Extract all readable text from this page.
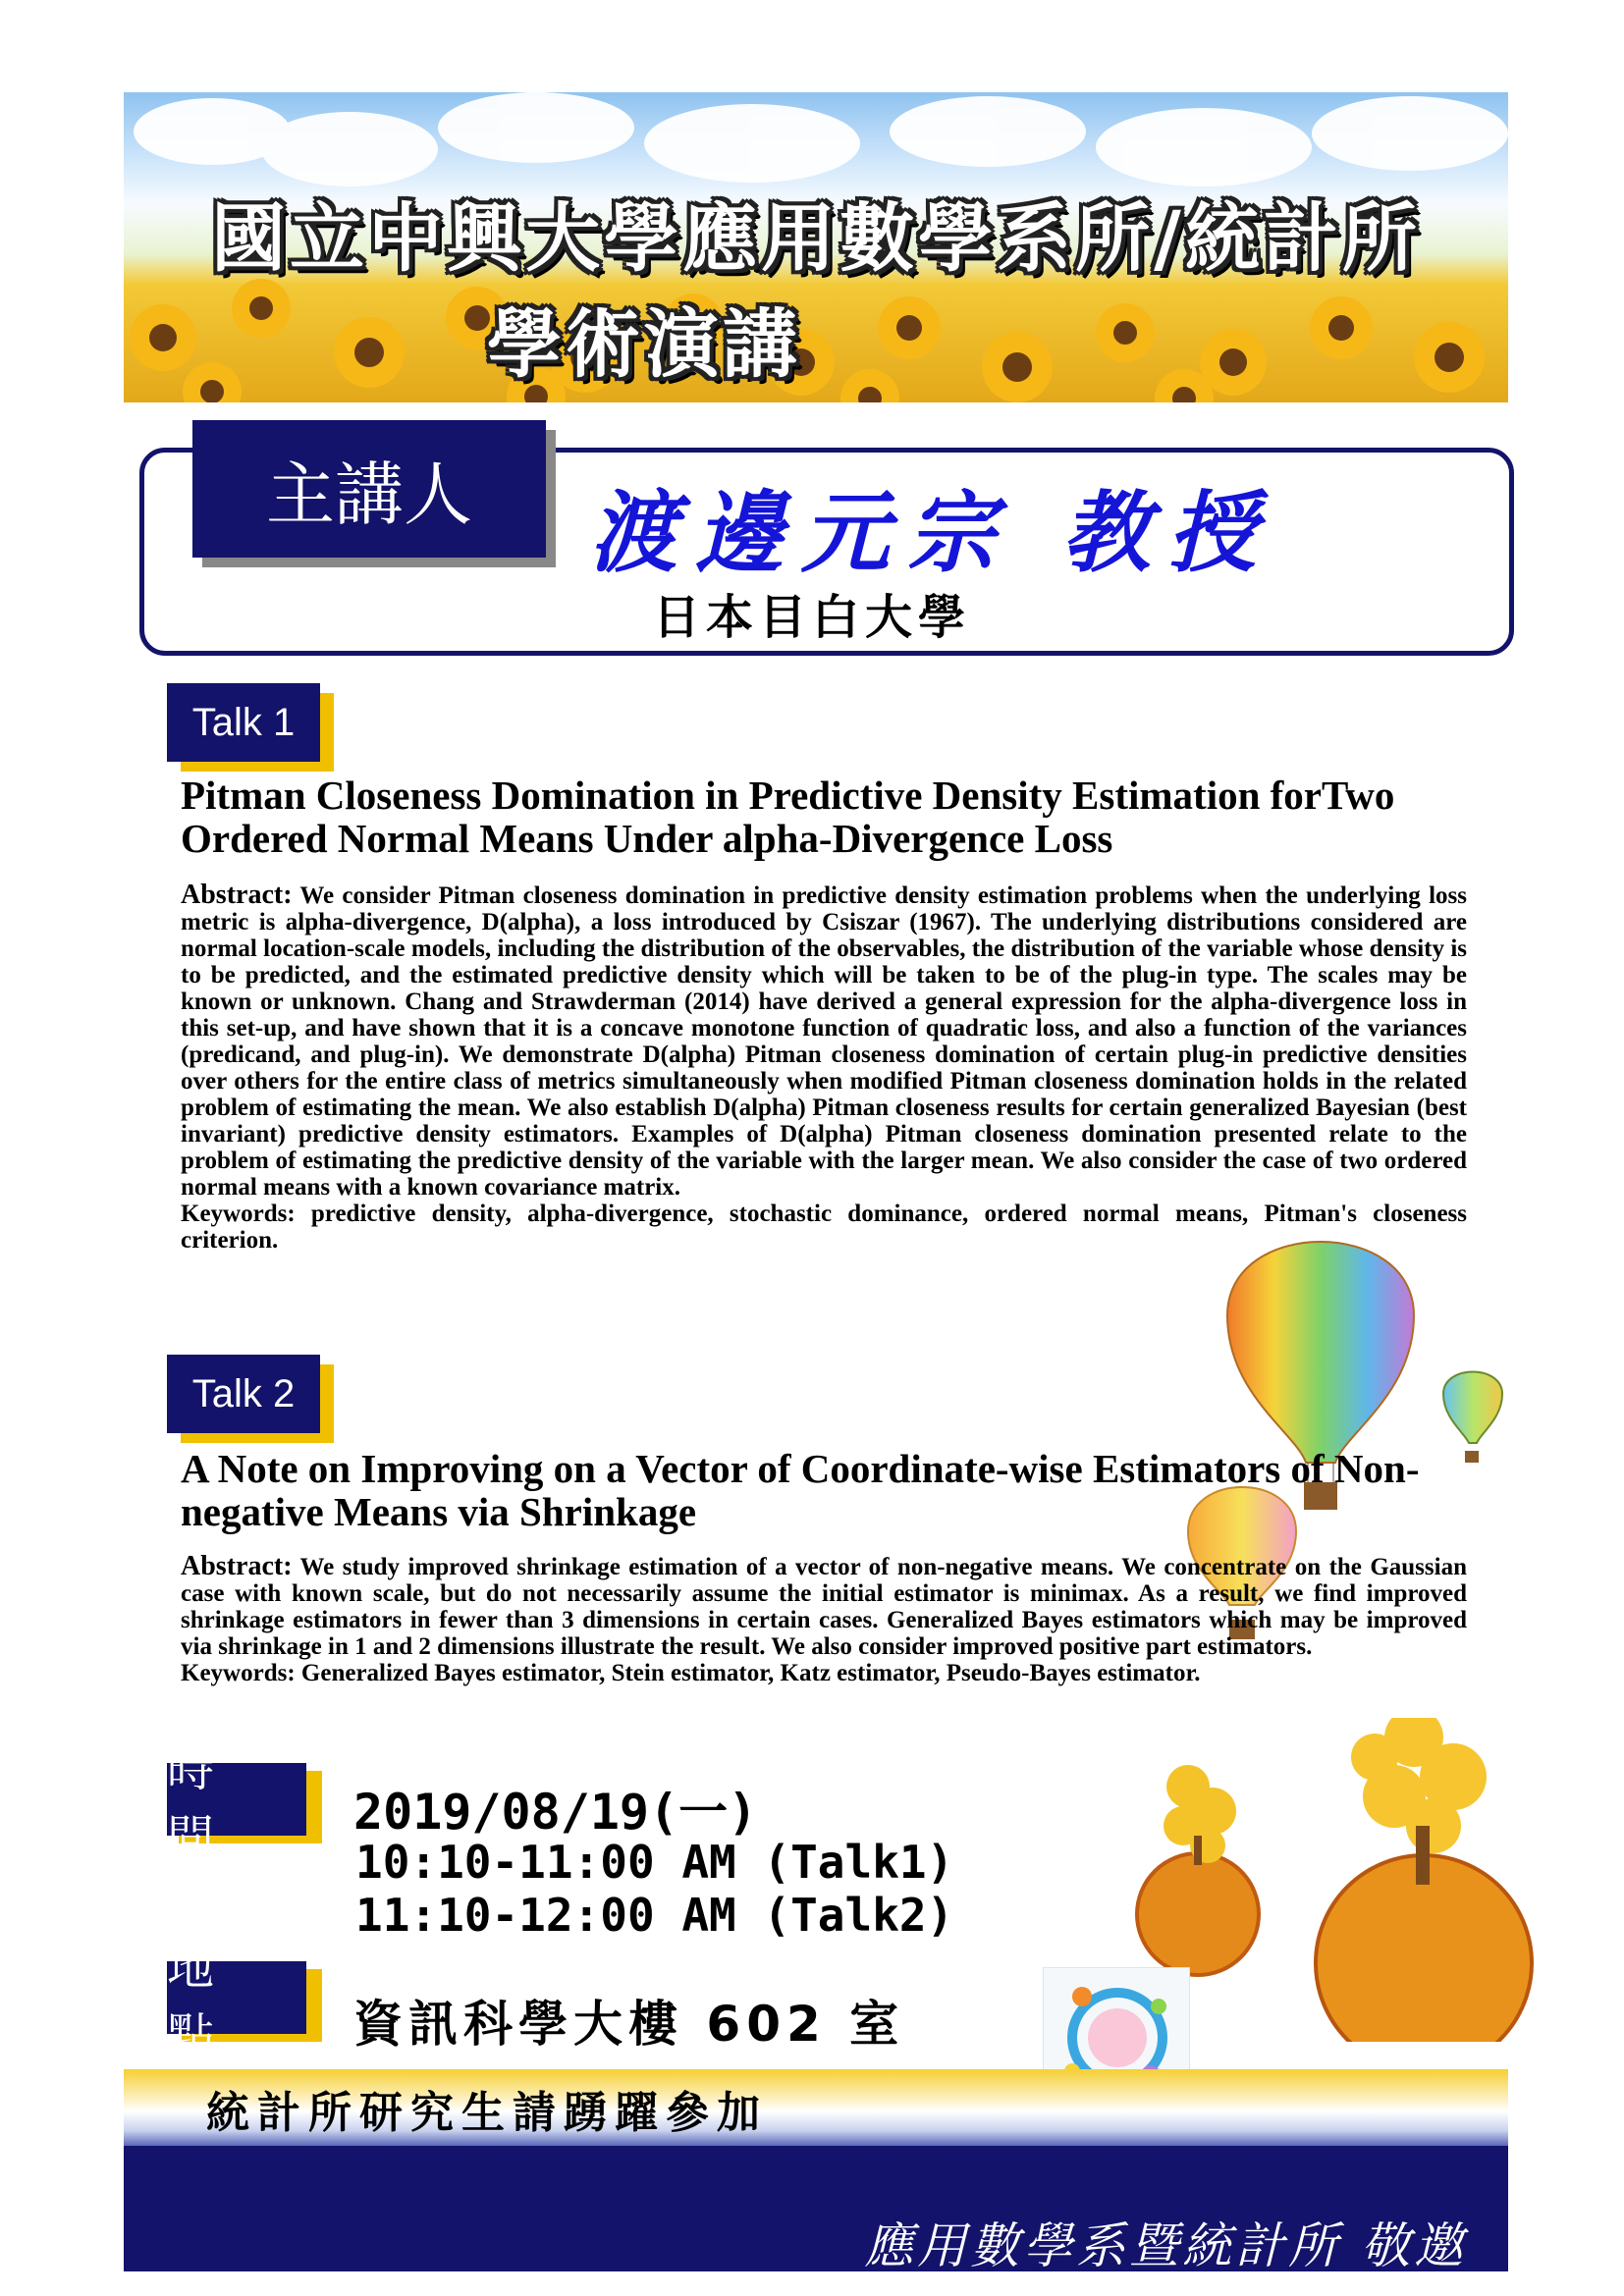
國立中興大學應用數學系所/統計所
學術演講
主講人	渡邊元宗 教授
日本目白大學
Talk 1
Pitman Closeness Domination in Predictive Density Estimation forTwo Ordered Normal Means Under alpha-Divergence Loss
Abstract: We consider Pitman closeness domination in predictive density estimation problems when the underlying loss metric is alpha-divergence, D(alpha), a loss introduced by Csiszar (1967). The underlying distributions considered are normal location-scale models, including the distribution of the observables, the distribution of the variable whose density is to be predicted, and the estimated predictive density which will be taken to be of the plug-in type. The scales may be known or unknown. Chang and Strawderman (2014) have derived a general expression for the alpha-divergence loss in this set-up, and have shown that it is a concave monotone function of quadratic loss, and also a function of the variances (predicand, and plug-in). We demonstrate D(alpha) Pitman closeness domination of certain plug-in predictive densities over others for the entire class of metrics simultaneously when modified Pitman closeness domination holds in the related problem of estimating the mean. We also establish D(alpha) Pitman closeness results for certain generalized Bayesian (best invariant) predictive density estimators. Examples of D(alpha) Pitman closeness domination presented relate to the problem of estimating the predictive density of the variable with the larger mean. We also consider the case of two ordered normal means with a known covariance matrix.
Keywords: predictive density, alpha-divergence, stochastic dominance, ordered normal means, Pitman's closeness criterion.
Talk 2
A Note on Improving on a Vector of Coordinate-wise Estimators of Non-negative Means via Shrinkage
Abstract: We study improved shrinkage estimation of a vector of non-negative means. We concentrate on the Gaussian case with known scale, but do not necessarily assume the initial estimator is minimax. As a result, we find improved shrinkage estimators in fewer than 3 dimensions in certain cases. Generalized Bayes estimators which may be improved via shrinkage in 1 and 2 dimensions illustrate the result. We also consider improved positive part estimators.
Keywords: Generalized Bayes estimator, Stein estimator, Katz estimator, Pseudo-Bayes estimator.
時 間	2019/08/19(一)
10:10-11:00 AM (Talk1)
11:10-12:00 AM (Talk2)
地 點	資訊科學大樓 602 室
統計所研究生請踴躍參加
應用數學系暨統計所 敬邀
